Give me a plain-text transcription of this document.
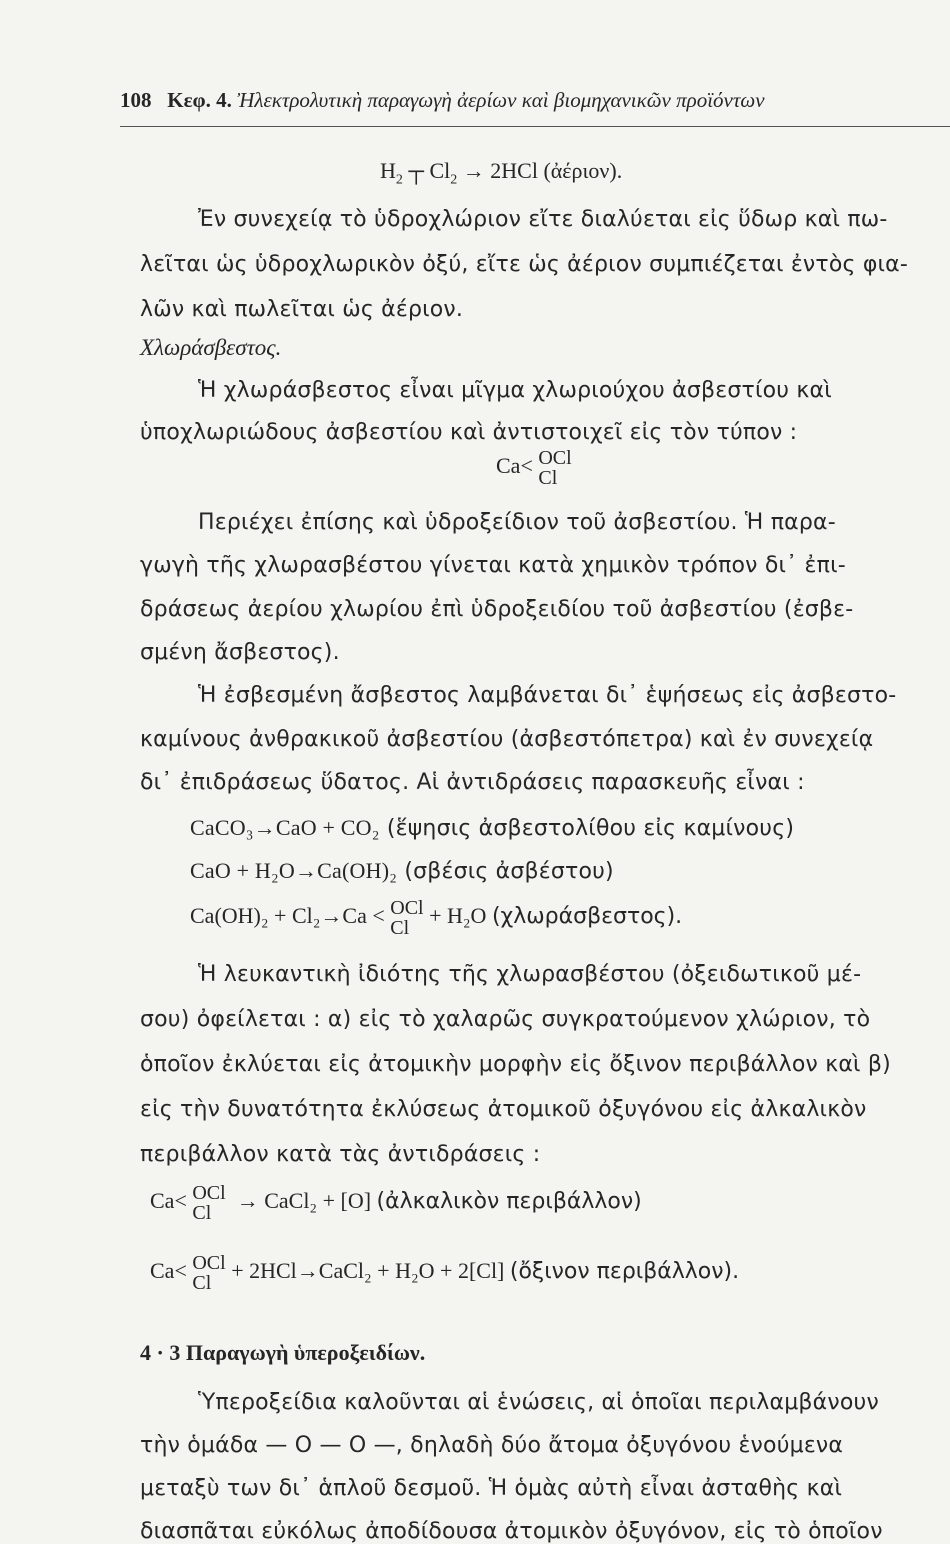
108 Κεφ. 4. Ἠλεκτρολυτικὴ παραγωγὴ ἀερίων καὶ βιομηχανικῶν προϊόντων
$H_2$ ┬ $Cl_2 \to 2HCl$ (ἀέριον).
Ἐν συνεχείᾳ τὸ ὑδροχλώριον εἴτε διαλύεται εἰς ὕδωρ καὶ πω-
λεῖται ὡς ὑδροχλωρικὸν ὀξύ, εἴτε ὡς ἀέριον συμπιέζεται ἐντὸς φια-
λῶν καὶ πωλεῖται ὡς ἀέριον.
Χλωράσβεστος.
Ἡ χλωράσβεστος εἶναι μῖγμα χλωριούχου ἀσβεστίου καὶ
ὑποχλωριώδους ἀσβεστίου καὶ ἀντιστοιχεῖ εἰς τὸν τύπον :
Ca< OCl
Cl
Περιέχει ἐπίσης καὶ ὑδροξείδιον τοῦ ἀσβεστίου. Ἡ παρα-
γωγὴ τῆς χλωρασβέστου γίνεται κατὰ χημικὸν τρόπον δι᾽ ἐπι-
δράσεως ἀερίου χλωρίου ἐπὶ ὑδροξειδίου τοῦ ἀσβεστίου (ἐσβε-
σμένη ἄσβεστος).
Ἡ ἐσβεσμένη ἄσβεστος λαμβάνεται δι᾽ ἑψήσεως εἰς ἀσβεστο-
καμίνους ἀνθρακικοῦ ἀσβεστίου (ἀσβεστόπετρα) καὶ ἐν συνεχείᾳ
δι᾽ ἐπιδράσεως ὕδατος. Αἱ ἀντιδράσεις παρασκευῆς εἶναι :
CaCO₃→CaO + CO₂ (ἕψησις ἀσβεστολίθου εἰς καμίνους)
CaO + H₂O→Ca(OH)₂ (σβέσις ἀσβέστου)
Ca(OH)₂ + Cl₂→Ca < OCl
Cl + H₂O (χλωράσβεστος).
Ἡ λευκαντικὴ ἰδιότης τῆς χλωρασβέστου (ὀξειδωτικοῦ μέ-
σου) ὀφείλεται : α) εἰς τὸ χαλαρῶς συγκρατούμενον χλώριον, τὸ
ὁποῖον ἐκλύεται εἰς ἀτομικὴν μορφὴν εἰς ὄξινον περιβάλλον καὶ β)
εἰς τὴν δυνατότητα ἐκλύσεως ἀτομικοῦ ὀξυγόνου εἰς ἀλκαλικὸν
περιβάλλον κατὰ τὰς ἀντιδράσεις :
Ca< OCl
Cl	→ CaCl₂ + [O] (ἀλκαλικὸν περιβάλλον)
Ca< OCl
Cl + 2HCl→CaCl₂ + H₂O + 2[Cl] (ὄξινον περιβάλλον).
4 · 3 Παραγωγὴ ὑπεροξειδίων.
Ὑπεροξείδια καλοῦνται αἱ ἑνώσεις, αἱ ὁποῖαι περιλαμβάνουν
τὴν ὁμάδα — O — O —, δηλαδὴ δύο ἄτομα ὀξυγόνου ἑνούμενα
μεταξὺ των δι᾽ ἁπλοῦ δεσμοῦ. Ἡ ὁμὰς αὐτὴ εἶναι ἀσταθὴς καὶ
διασπᾶται εὐκόλως ἀποδίδουσα ἀτομικὸν ὀξυγόνον, εἰς τὸ ὁποῖον
